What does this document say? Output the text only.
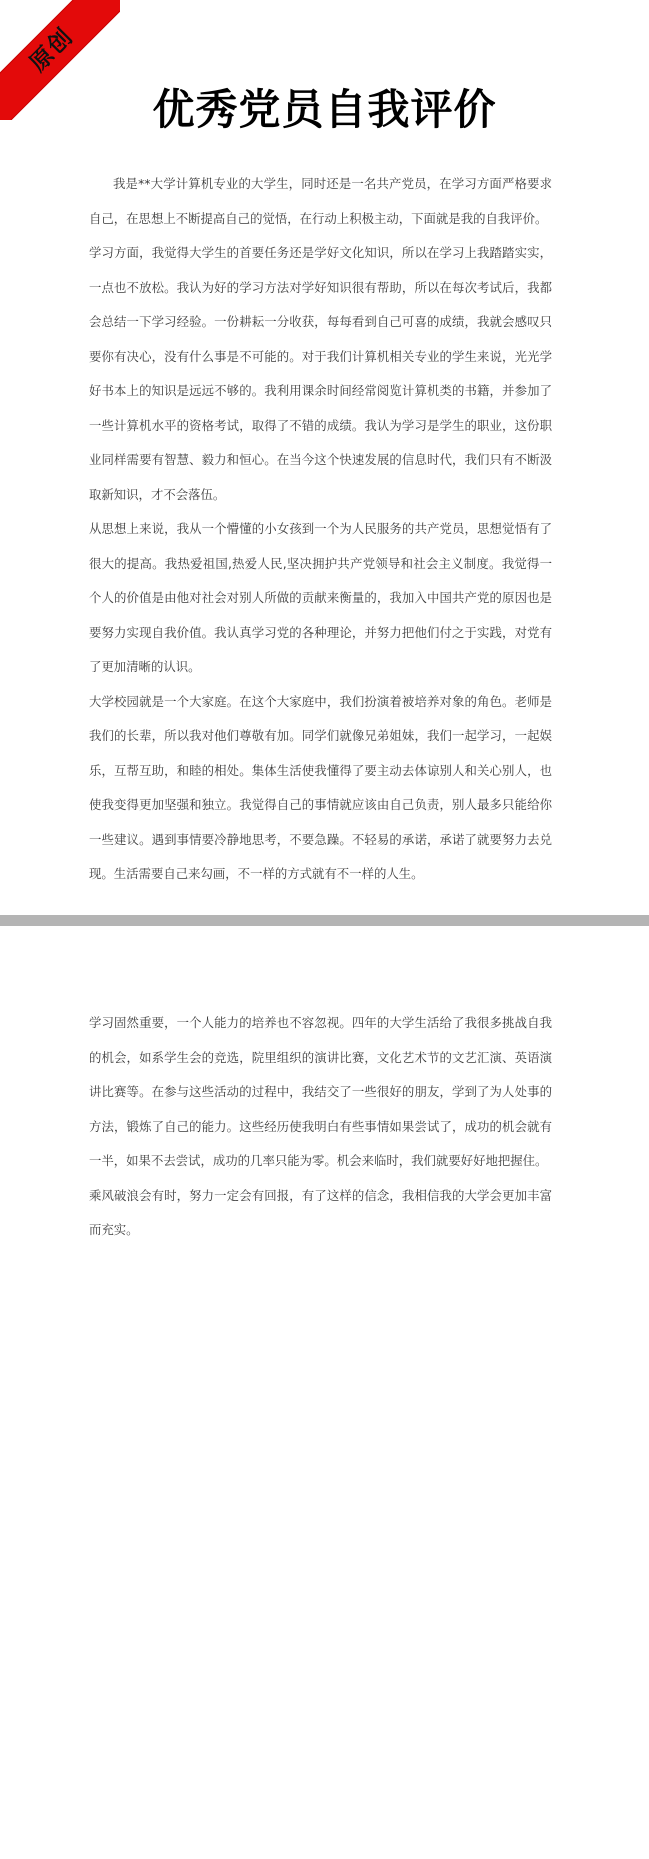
原创
优秀党员自我评价

我是**大学计算机专业的大学生，同时还是一名共产党员，在学习方面严格要求自己，在思想上不断提高自己的觉悟，在行动上积极主动，下面就是我的自我评价。

学习方面，我觉得大学生的首要任务还是学好文化知识，所以在学习上我踏踏实实，一点也不放松。我认为好的学习方法对学好知识很有帮助，所以在每次考试后，我都会总结一下学习经验。一份耕耘一分收获，每每看到自己可喜的成绩，我就会感叹只要你有决心，没有什么事是不可能的。对于我们计算机相关专业的学生来说，光光学好书本上的知识是远远不够的。我利用课余时间经常阅览计算机类的书籍，并参加了一些计算机水平的资格考试，取得了不错的成绩。我认为学习是学生的职业，这份职业同样需要有智慧、毅力和恒心。在当今这个快速发展的信息时代，我们只有不断汲取新知识，才不会落伍。

从思想上来说，我从一个懵懂的小女孩到一个为人民服务的共产党员，思想觉悟有了很大的提高。我热爱祖国,热爱人民,坚决拥护共产党领导和社会主义制度。我觉得一个人的价值是由他对社会对别人所做的贡献来衡量的，我加入中国共产党的原因也是要努力实现自我价值。我认真学习党的各种理论，并努力把他们付之于实践，对党有了更加清晰的认识。

大学校园就是一个大家庭。在这个大家庭中，我们扮演着被培养对象的角色。老师是我们的长辈，所以我对他们尊敬有加。同学们就像兄弟姐妹，我们一起学习，一起娱乐，互帮互助，和睦的相处。集体生活使我懂得了要主动去体谅别人和关心别人，也使我变得更加坚强和独立。我觉得自己的事情就应该由自己负责，别人最多只能给你一些建议。遇到事情要冷静地思考，不要急躁。不轻易的承诺，承诺了就要努力去兑现。生活需要自己来勾画，不一样的方式就有不一样的人生。

学习固然重要，一个人能力的培养也不容忽视。四年的大学生活给了我很多挑战自我的机会，如系学生会的竞选，院里组织的演讲比赛，文化艺术节的文艺汇演、英语演讲比赛等。在参与这些活动的过程中，我结交了一些很好的朋友，学到了为人处事的方法，锻炼了自己的能力。这些经历使我明白有些事情如果尝试了，成功的机会就有一半，如果不去尝试，成功的几率只能为零。机会来临时，我们就要好好地把握住。

乘风破浪会有时，努力一定会有回报，有了这样的信念，我相信我的大学会更加丰富而充实。
